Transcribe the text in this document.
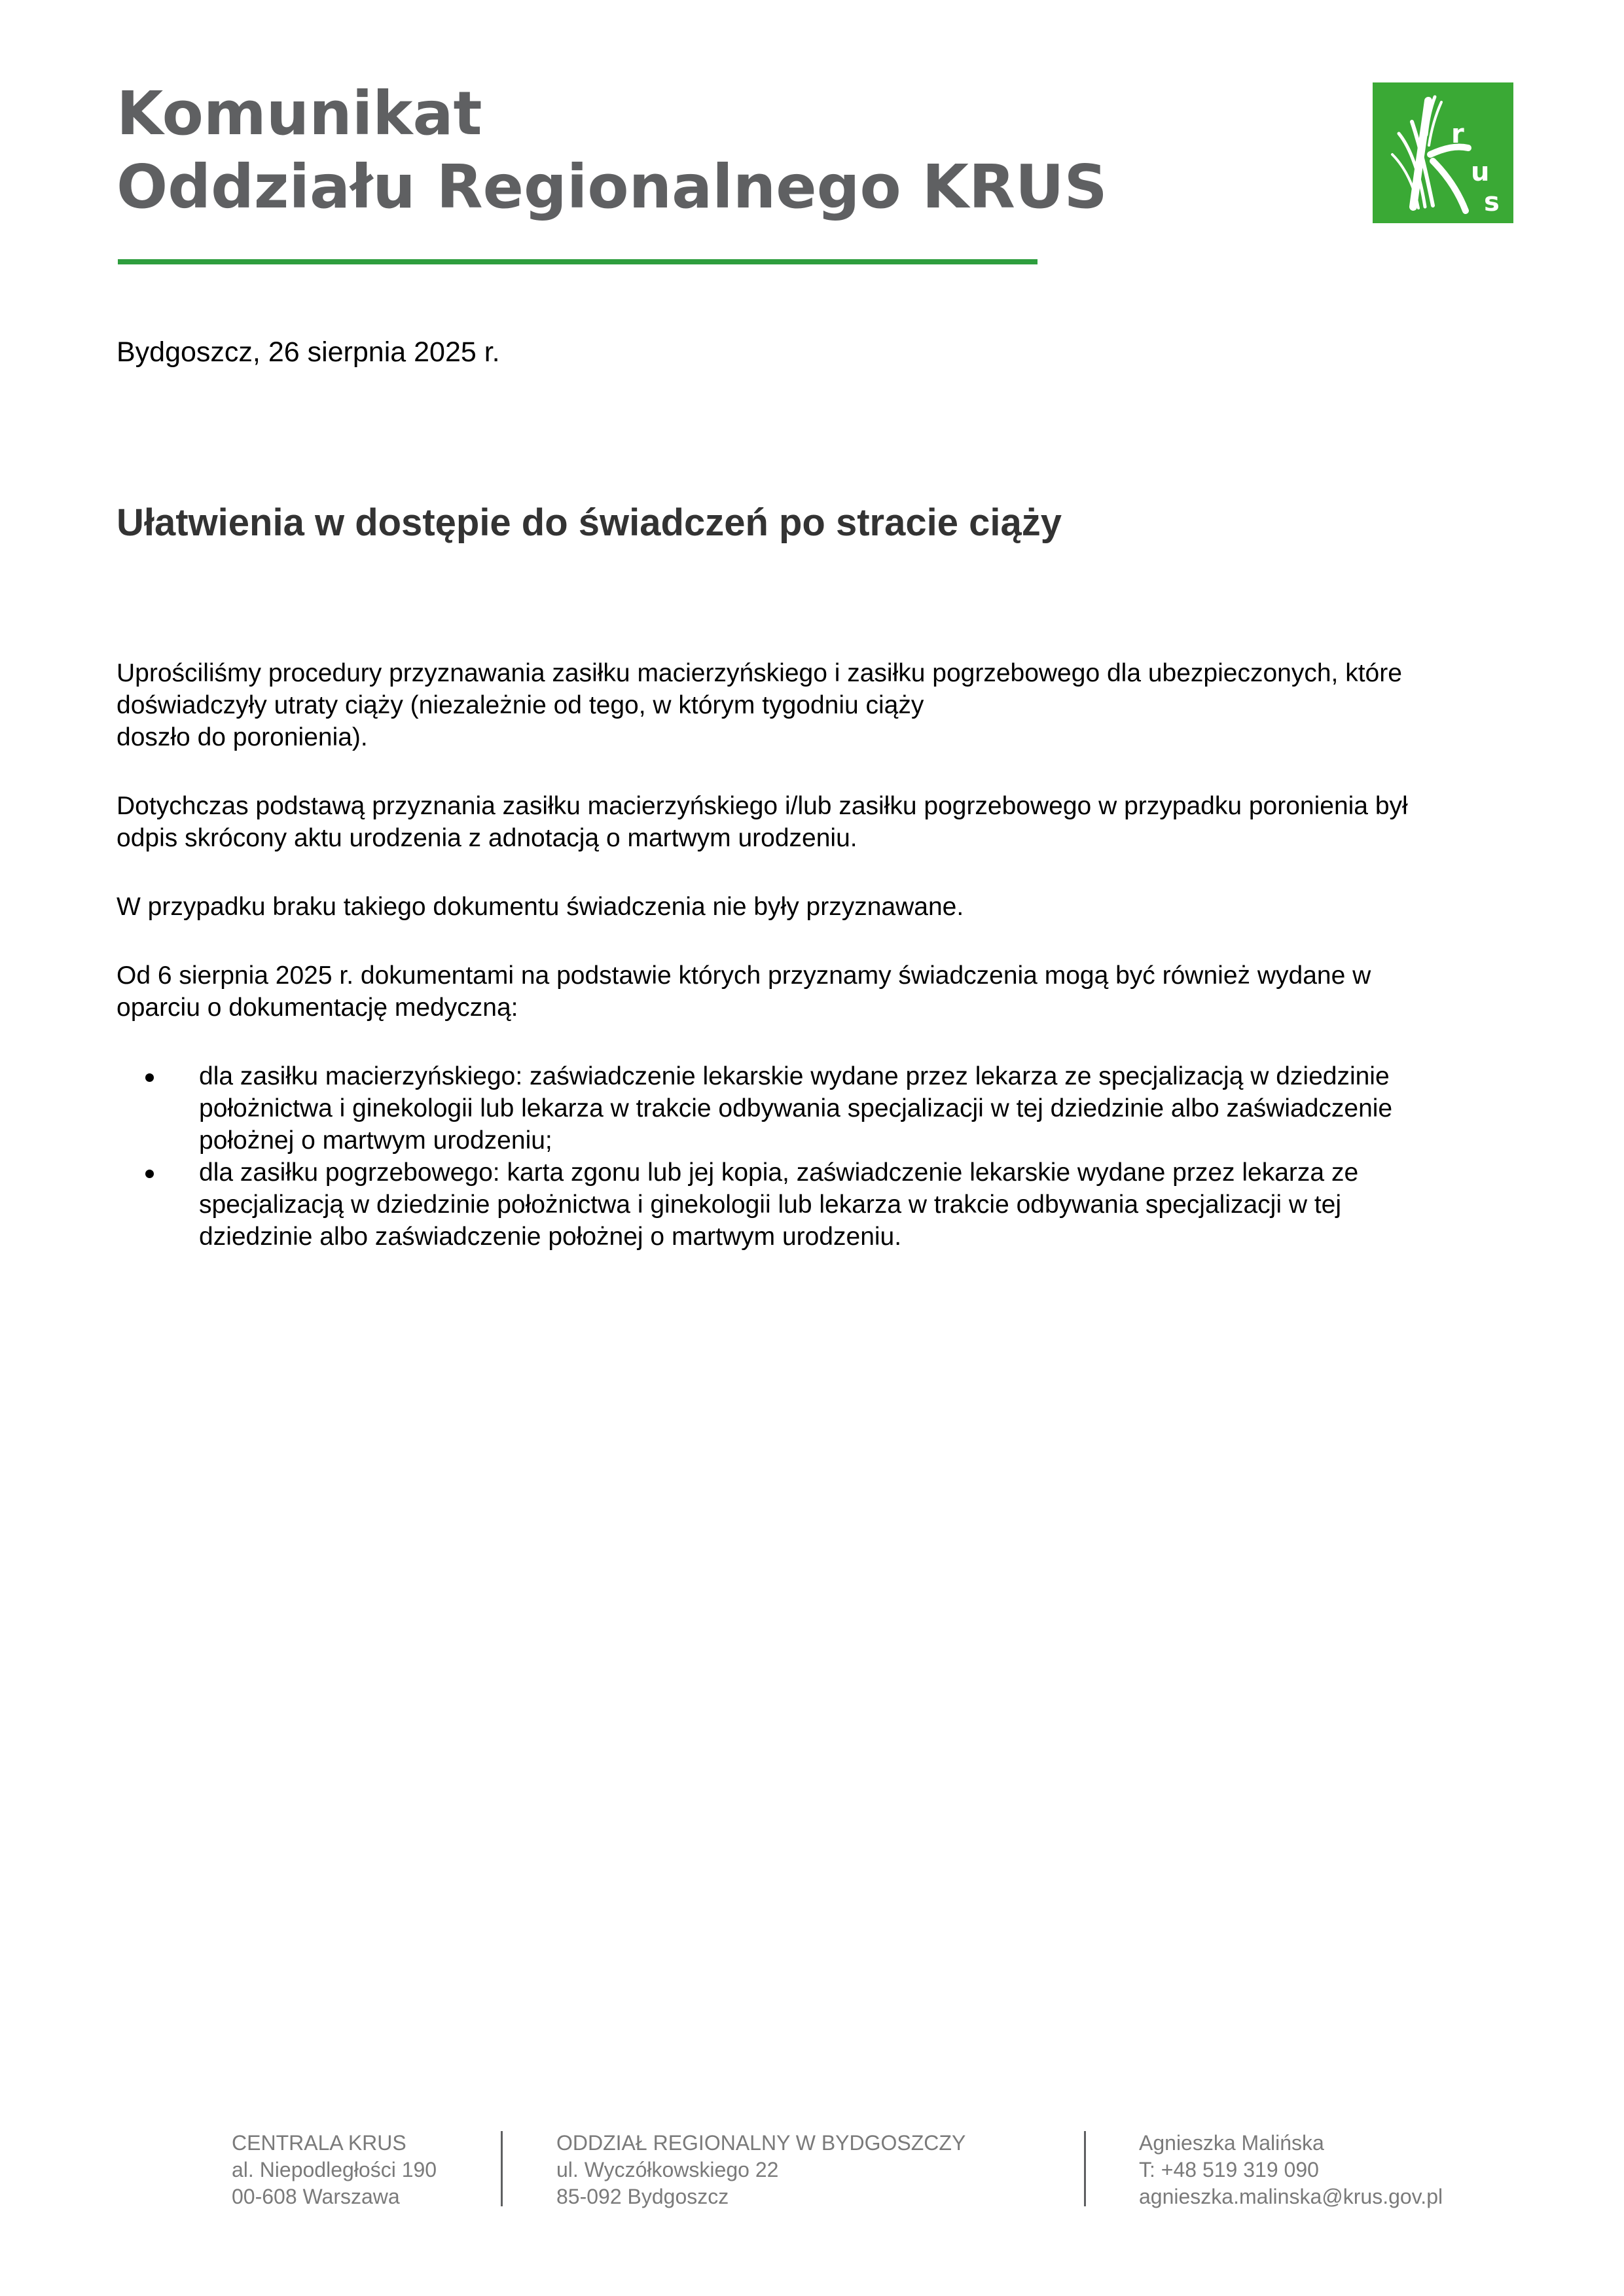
Komunikat
Oddziału Regionalnego KRUS
r
u
s

Bydgoszcz, 26 sierpnia 2025 r.

Ułatwienia w dostępie do świadczeń po stracie ciąży

Uprościliśmy procedury przyznawania zasiłku macierzyńskiego i zasiłku pogrzebowego dla ubezpieczonych, które
doświadczyły utraty ciąży (niezależnie od tego, w którym tygodniu ciąży
doszło do poronienia).

Dotychczas podstawą przyznania zasiłku macierzyńskiego i/lub zasiłku pogrzebowego w przypadku poronienia był
odpis skrócony aktu urodzenia z adnotacją o martwym urodzeniu.

W przypadku braku takiego dokumentu świadczenia nie były przyznawane.

Od 6 sierpnia 2025 r. dokumentami na podstawie których przyznamy świadczenia mogą być również wydane w
oparciu o dokumentację medyczną:

dla zasiłku macierzyńskiego: zaświadczenie lekarskie wydane przez lekarza ze specjalizacją w dziedzinie
położnictwa i ginekologii lub lekarza w trakcie odbywania specjalizacji w tej dziedzinie albo zaświadczenie
położnej o martwym urodzeniu;
dla zasiłku pogrzebowego: karta zgonu lub jej kopia, zaświadczenie lekarskie wydane przez lekarza ze
specjalizacją w dziedzinie położnictwa i ginekologii lub lekarza w trakcie odbywania specjalizacji w tej
dziedzinie albo zaświadczenie położnej o martwym urodzeniu.
CENTRALA KRUS
al. Niepodległości 190
00-608 Warszawa
ODDZIAŁ REGIONALNY W BYDGOSZCZY
ul. Wyczółkowskiego 22
85-092 Bydgoszcz
Agnieszka Malińska
T: +48 519 319 090
agnieszka.malinska@krus.gov.pl
